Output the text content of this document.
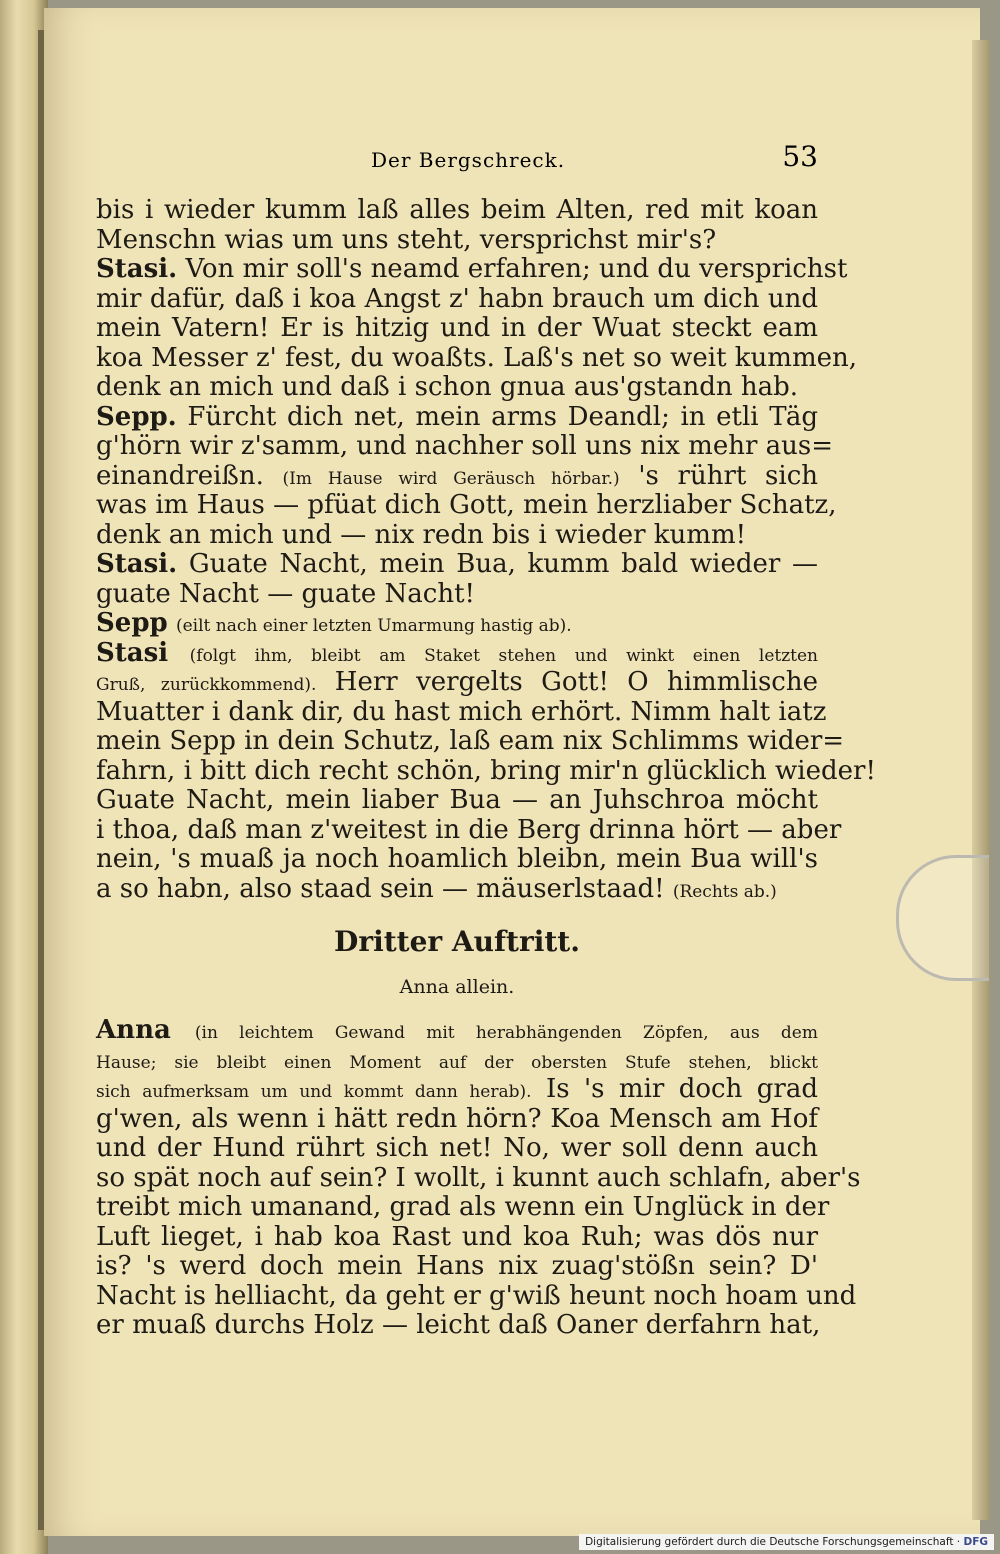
Der Bergschreck.	53
bis i wieder kumm laß alles beim Alten, red mit koan
Menschn wias um uns steht, versprichst mir's?
Stasi. Von mir soll's neamd erfahren; und du versprichst
mir dafür, daß i koa Angst z' habn brauch um dich und
mein Vatern! Er is hitzig und in der Wuat steckt eam
koa Messer z' fest, du woaßts. Laß's net so weit kummen,
denk an mich und daß i schon gnua aus'gstandn hab.
Sepp. Fürcht dich net, mein arms Deandl; in etli Täg
g'hörn wir z'samm, und nachher soll uns nix mehr aus=
einandreißn. (Im Hause wird Geräusch hörbar.) 's rührt sich
was im Haus — pfüat dich Gott, mein herzliaber Schatz,
denk an mich und — nix redn bis i wieder kumm!
Stasi. Guate Nacht, mein Bua, kumm bald wieder —
guate Nacht — guate Nacht!
Sepp (eilt nach einer letzten Umarmung hastig ab).
Stasi (folgt ihm, bleibt am Staket stehen und winkt einen letzten
Gruß, zurückkommend). Herr vergelts Gott! O himmlische
Muatter i dank dir, du hast mich erhört. Nimm halt iatz
mein Sepp in dein Schutz, laß eam nix Schlimms wider=
fahrn, i bitt dich recht schön, bring mir'n glücklich wieder!
Guate Nacht, mein liaber Bua — an Juhschroa möcht
i thoa, daß man z'weitest in die Berg drinna hört — aber
nein, 's muaß ja noch hoamlich bleibn, mein Bua will's
a so habn, also staad sein — mäuserlstaad! (Rechts ab.)
Dritter Auftritt.
Anna allein.
Anna (in leichtem Gewand mit herabhängenden Zöpfen, aus dem
Hause; sie bleibt einen Moment auf der obersten Stufe stehen, blickt
sich aufmerksam um und kommt dann herab). Is 's mir doch grad
g'wen, als wenn i hätt redn hörn? Koa Mensch am Hof
und der Hund rührt sich net! No, wer soll denn auch
so spät noch auf sein? I wollt, i kunnt auch schlafn, aber's
treibt mich umanand, grad als wenn ein Unglück in der
Luft lieget, i hab koa Rast und koa Ruh; was dös nur
is? 's werd doch mein Hans nix zuag'stößn sein? D'
Nacht is helliacht, da geht er g'wiß heunt noch hoam und
er muaß durchs Holz — leicht daß Oaner derfahrn hat,
Digitalisierung gefördert durch die Deutsche Forschungsgemeinschaft · DFG
